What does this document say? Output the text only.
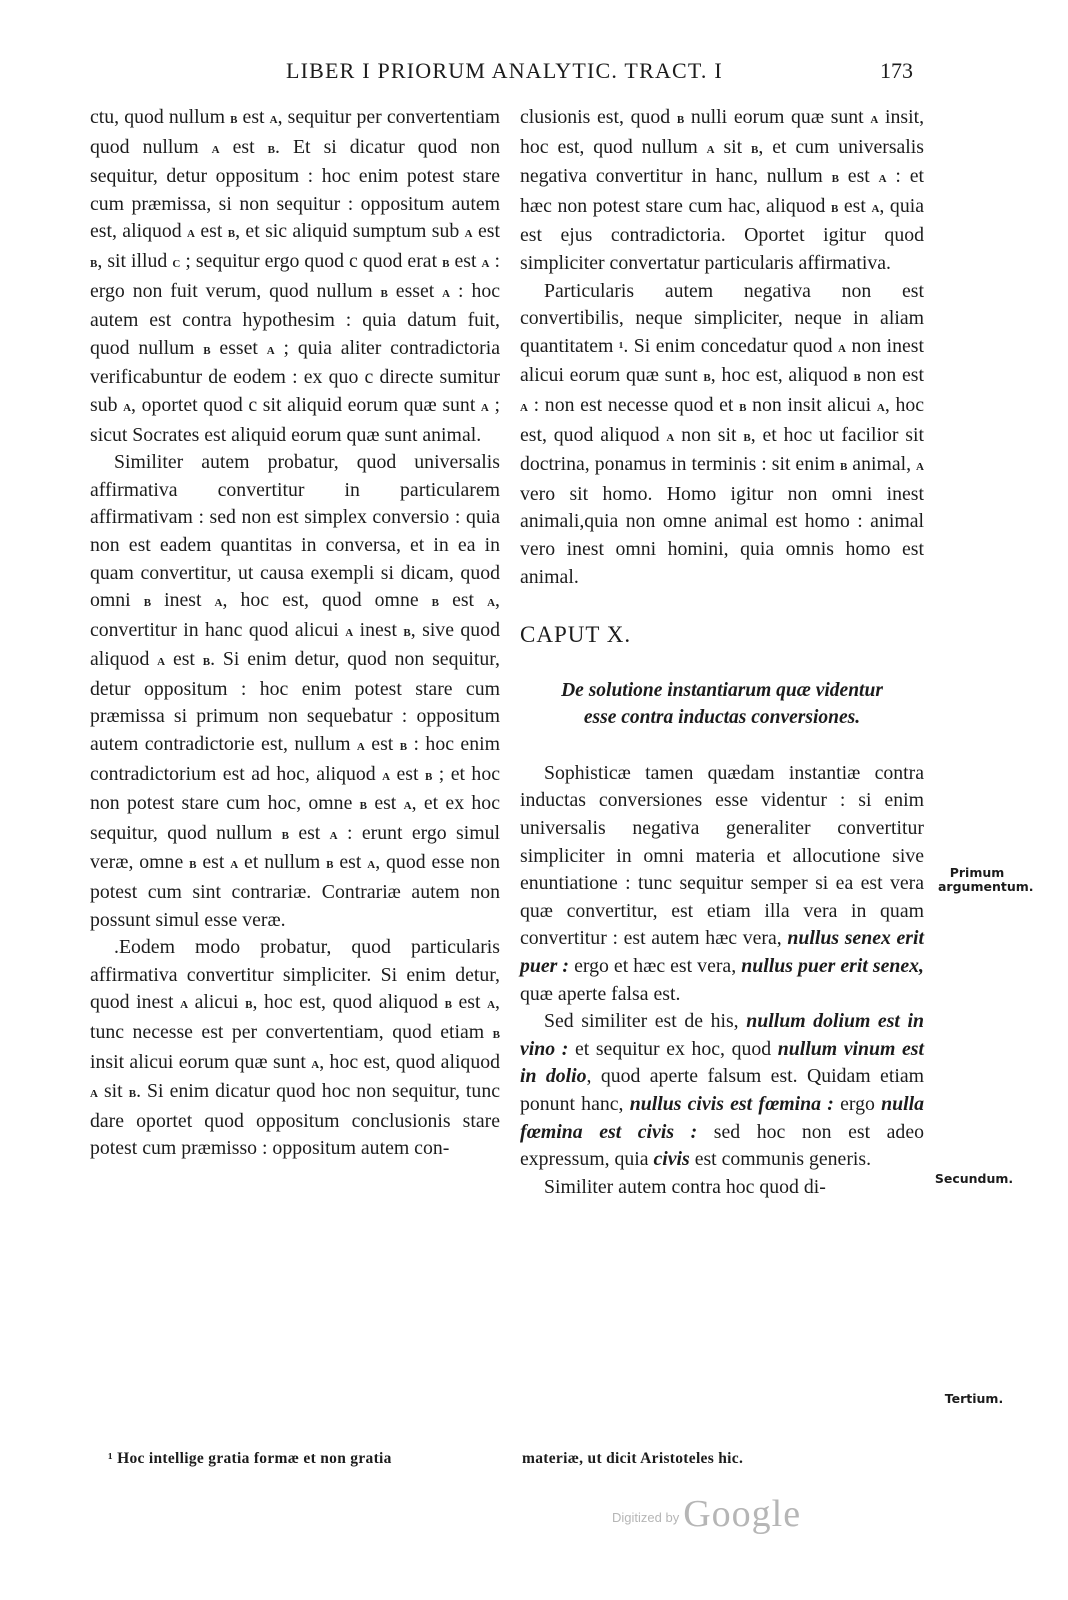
LIBER I PRIORUM ANALYTIC. TRACT. I	173

ctu, quod nullum b est a, sequitur per convertentiam quod nullum a est b. Et si dicatur quod non sequitur, detur oppositum : hoc enim potest stare cum præmissa, si non sequitur : oppositum autem est, aliquod a est b, et sic aliquid sumptum sub a est b, sit illud c ; sequitur ergo quod c quod erat b est a : ergo non fuit verum, quod nullum b esset a : hoc autem est contra hypothesim : quia datum fuit, quod nullum b esset a ; quia aliter contradictoria verificabuntur de eodem : ex quo c directe sumitur sub a, oportet quod c sit aliquid eorum quæ sunt a ; sicut Socrates est aliquid eorum quæ sunt animal.

Similiter autem probatur, quod universalis affirmativa convertitur in particularem affirmativam : sed non est simplex conversio : quia non est eadem quantitas in conversa, et in ea in quam convertitur, ut causa exempli si dicam, quod omni b inest a, hoc est, quod omne b est a, convertitur in hanc quod alicui a inest b, sive quod aliquod a est b. Si enim detur, quod non sequitur, detur oppositum : hoc enim potest stare cum præmissa si primum non sequebatur : oppositum autem contradictorie est, nullum a est b : hoc enim contradictorium est ad hoc, aliquod a est b ; et hoc non potest stare cum hoc, omne b est a, et ex hoc sequitur, quod nullum b est a : erunt ergo simul veræ, omne b est a et nullum b est a, quod esse non potest cum sint contrariæ. Contrariæ autem non possunt simul esse veræ.

.Eodem modo probatur, quod particularis affirmativa convertitur simpliciter. Si enim detur, quod inest a alicui b, hoc est, quod aliquod b est a, tunc necesse est per convertentiam, quod etiam b insit alicui eorum quæ sunt a, hoc est, quod aliquod a sit b. Si enim dicatur quod hoc non sequitur, tunc dare oportet quod oppositum conclusionis stare potest cum præmisso : oppositum autem con-

clusionis est, quod b nulli eorum quæ sunt a insit, hoc est, quod nullum a sit b, et cum universalis negativa convertitur in hanc, nullum b est a : et hæc non potest stare cum hac, aliquod b est a, quia est ejus contradictoria. Oportet igitur quod simpliciter convertatur particularis affirmativa.

Particularis autem negativa non est convertibilis, neque simpliciter, neque in aliam quantitatem ¹. Si enim concedatur quod a non inest alicui eorum quæ sunt b, hoc est, aliquod b non est a : non est necesse quod et b non insit alicui a, hoc est, quod aliquod a non sit b, et hoc ut facilior sit doctrina, ponamus in terminis : sit enim b animal, a vero sit homo. Homo igitur non omni inest animali,quia non omne animal est homo : animal vero inest omni homini, quia omnis homo est animal.

CAPUT X.

De solutione instantiarum quæ videntur
esse contra inductas conversiones.

Sophisticæ tamen quædam instantiæ contra inductas conversiones esse videntur : si enim universalis negativa generaliter convertitur simpliciter in omni materia et allocutione sive enuntiatione : tunc sequitur semper si ea est vera quæ convertitur, est etiam illa vera in quam convertitur : est autem hæc vera, nullus senex erit puer : ergo et hæc est vera, nullus puer erit senex, quæ aperte falsa est.

Sed similiter est de his, nullum dolium est in vino : et sequitur ex hoc, quod nullum vinum est in dolio, quod aperte falsum est. Quidam etiam ponunt hanc, nullus civis est fœmina : ergo nulla fœmina est civis : sed hoc non est adeo expressum, quia civis est communis generis.

Similiter autem contra hoc quod di-

Primum argumentum.
Secundum.
Tertium.
¹ Hoc intellige gratia formæ et non gratia	materiæ, ut dicit Aristoteles hic.
$^{Digitized by}$ Google
